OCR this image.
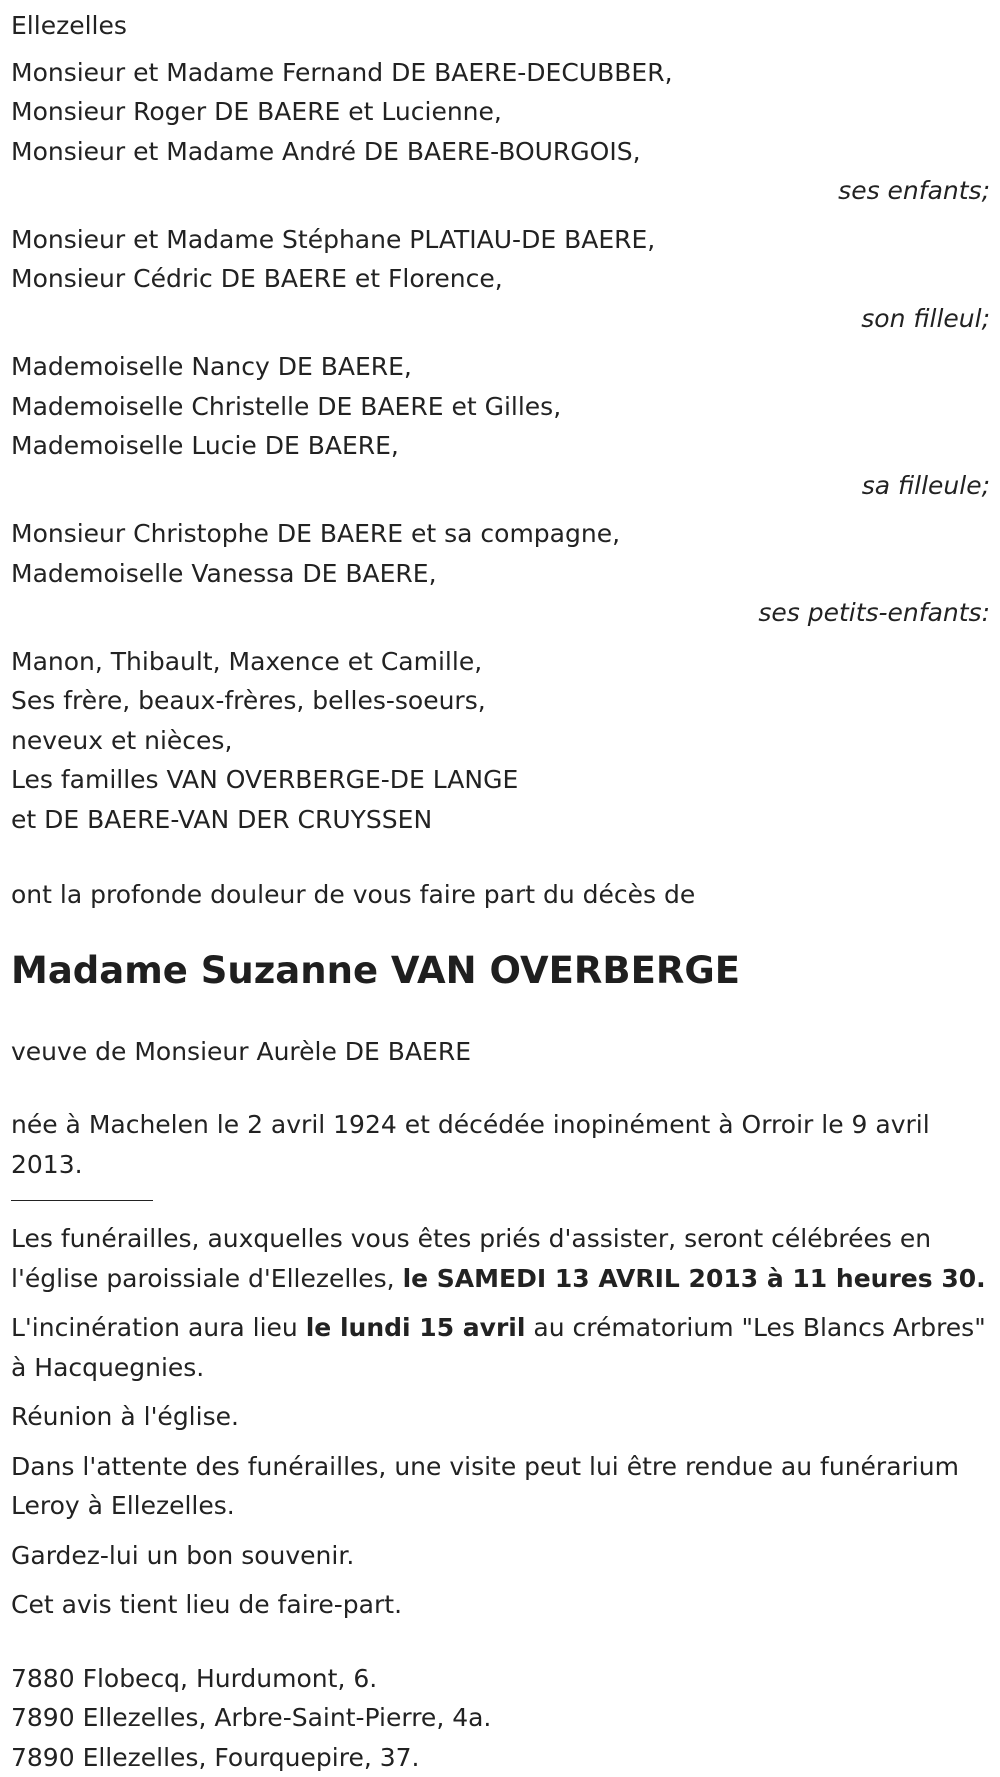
Ellezelles

Monsieur et Madame Fernand DE BAERE-DECUBBER,

Monsieur Roger DE BAERE et Lucienne,

Monsieur et Madame André DE BAERE-BOURGOIS,

ses enfants;

Monsieur et Madame Stéphane PLATIAU-DE BAERE,

Monsieur Cédric DE BAERE et Florence,

son filleul;

Mademoiselle Nancy DE BAERE,

Mademoiselle Christelle DE BAERE et Gilles,

Mademoiselle Lucie DE BAERE,

sa filleule;

Monsieur Christophe DE BAERE et sa compagne,

Mademoiselle Vanessa DE BAERE,

ses petits-enfants:

Manon, Thibault, Maxence et Camille,

Ses frère, beaux-frères, belles-soeurs,

neveux et nièces,

Les familles VAN OVERBERGE-DE LANGE

et DE BAERE-VAN DER CRUYSSEN

ont la profonde douleur de vous faire part du décès de

Madame Suzanne VAN OVERBERGE

veuve de Monsieur Aurèle DE BAERE

née à Machelen le 2 avril 1924 et décédée inopinément à Orroir le 9 avril 2013.

Les funérailles, auxquelles vous êtes priés d'assister, seront célébrées en l'église paroissiale d'Ellezelles, le SAMEDI 13 AVRIL 2013 à 11 heures 30.

L'incinération aura lieu le lundi 15 avril au crématorium "Les Blancs Arbres" à Hacquegnies.

Réunion à l'église.

Dans l'attente des funérailles, une visite peut lui être rendue au funérarium Leroy à Ellezelles.

Gardez-lui un bon souvenir.

Cet avis tient lieu de faire-part.

7880 Flobecq, Hurdumont, 6.

7890 Ellezelles, Arbre-Saint-Pierre, 4a.

7890 Ellezelles, Fourquepire, 37.
